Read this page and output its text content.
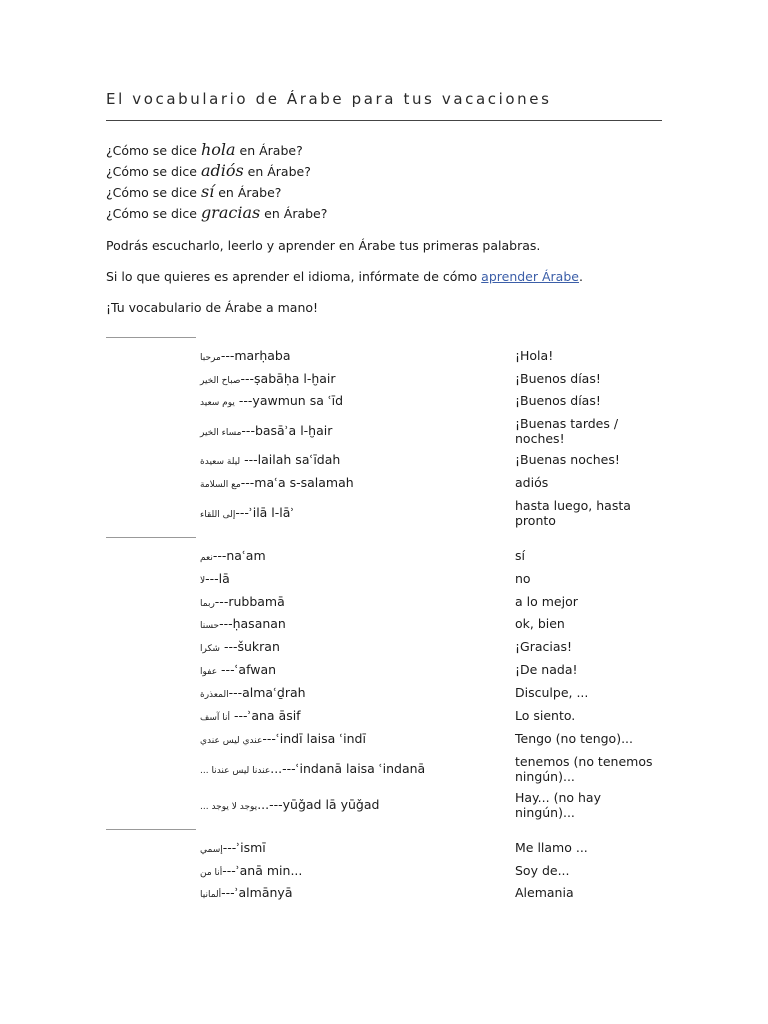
El vocabulario de Árabe para tus vacaciones
¿Cómo se dice hola en Árabe?
¿Cómo se dice adiós en Árabe?
¿Cómo se dice sí en Árabe?
¿Cómo se dice gracias en Árabe?
Podrás escucharlo, leerlo y aprender en Árabe tus primeras palabras.
Si lo que quieres es aprender el idioma, infórmate de cómo aprender Árabe.
¡Tu vocabulario de Árabe a mano!
مرحبا---marḥaba	¡Hola!
صباح الخير---ṣabāḥa l-ḫair	¡Buenos días!
يوم سعيد ---yawmun sa ʿīd	¡Buenos días!
مساء الخير---basāʾa l-ḫair	¡Buenas tardes / noches!
ليلة سعيدة ---lailah saʿīdah	¡Buenas noches!
مع السلامة---maʿa s-salamah	adiós
إلى اللقاء---ʾilā l-lāʾ	hasta luego, hasta pronto
نعم---naʿam	sí
لا---lā	no
ربما---rubbamā	a lo mejor
حسنا---ḥasanan	ok, bien
شكرا ---šukran	¡Gracias!
عفوا ---ʿafwan	¡De nada!
المعذرة---almaʿḏrah	Disculpe, ...
أنا آسف ---ʾana āsif	Lo siento.
عندي ليس عندي---ʿindī laisa ʿindī	Tengo (no tengo)...
عندنا ليس عندنا ......---ʿindanā laisa ʿindanā	tenemos (no tenemos ningún)...
يوجد لا يوجد ......---yūǧad lā yūǧad	Hay... (no hay ningún)...
إسمي---ʾismī	Me llamo ...
أنا من---ʾanā min...	Soy de...
ألمانيا---ʾalmānyā	Alemania
